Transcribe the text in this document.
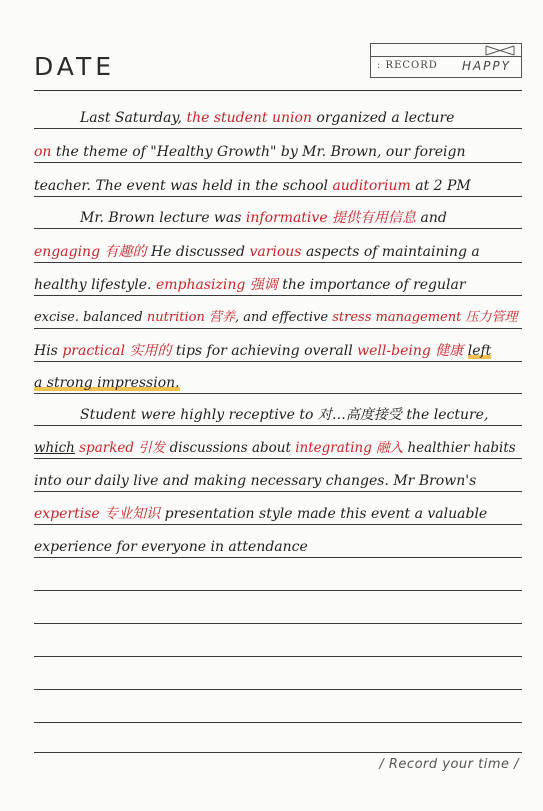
DATE	: RECORD HAPPY
Last Saturday, the student union organized a lecture
on the theme of "Healthy Growth" by Mr. Brown, our foreign
teacher. The event was held in the school auditorium at 2 PM
Mr. Brown lecture was informative 提供有用信息 and
engaging 有趣的 He discussed various aspects of maintaining a
healthy lifestyle. emphasizing 强调 the importance of regular
excise. balanced nutrition 营养, and effective stress management 压力管理
His practical 实用的 tips for achieving overall well-being 健康 left
a strong impression.
Student were highly receptive to 对…高度接受 the lecture,
which sparked 引发 discussions about integrating 融入 healthier habits
into our daily live and making necessary changes. Mr Brown's
expertise 专业知识 presentation style made this event a valuable
experience for everyone in attendance
/ Record your time /
